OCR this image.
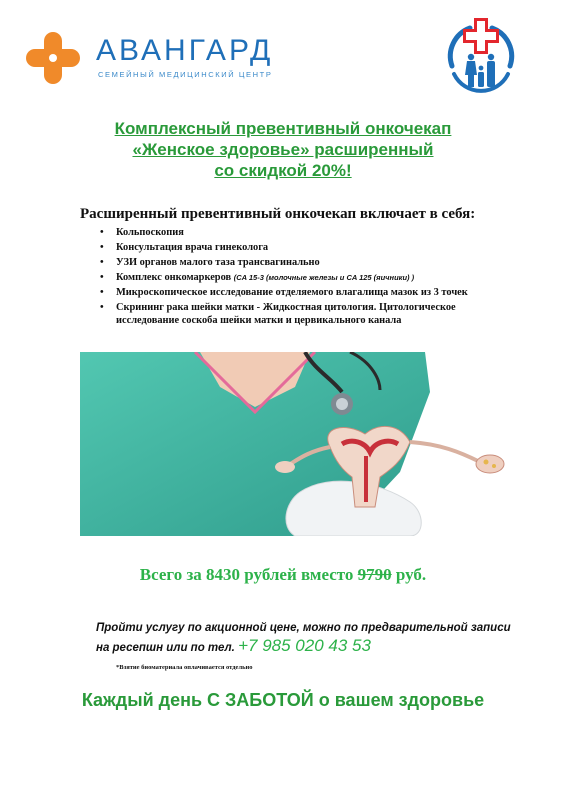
АВАНГАРД
СЕМЕЙНЫЙ МЕДИЦИНСКИЙ ЦЕНТР
Комплексный превентивный онкочекап
«Женское здоровье» расширенный
со скидкой 20%!
Расширенный превентивный онкочекап включает в себя:
• Кольпоскопия
• Консультация врача гинеколога
• УЗИ органов малого таза трансвагинально
• Комплекс онкомаркеров (CA 15-3 (молочные железы и CA 125 (яичники) )
• Микроскопическое исследование отделяемого влагалища мазок из 3 точек
• Скрининг рака шейки матки - Жидкостная цитология. Цитологическое исследование соскоба шейки матки и цервикального канала
Всего за 8430 рублей вместо 9790 руб.
Пройти услугу по акционной цене, можно по предварительной записи
на ресепшн или по тел. +7 985 020 43 53
*Взятие биоматериала оплачивается отдельно
Каждый день С ЗАБОТОЙ о вашем здоровье
